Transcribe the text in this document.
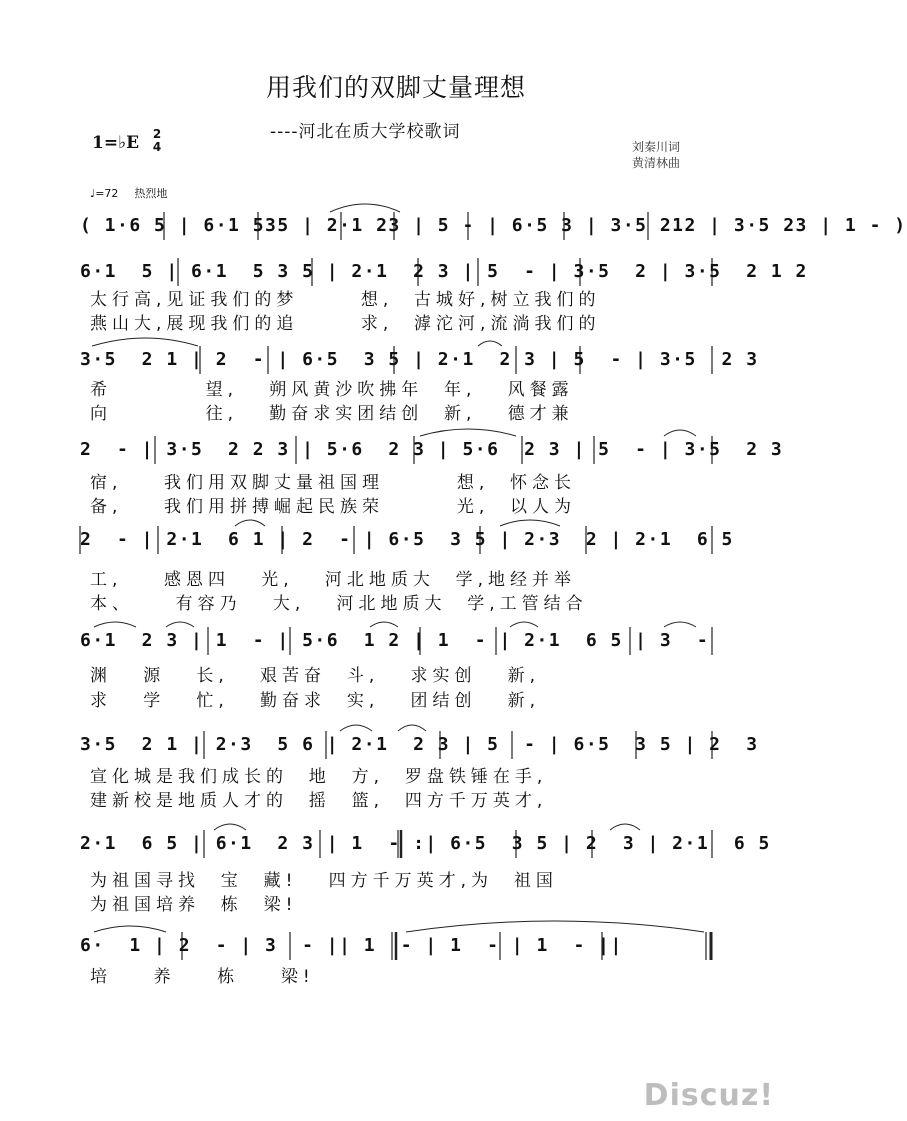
用我们的双脚丈量理想
----河北在质大学校歌词
1=♭E 2
4	刘秦川词
黄清林曲
♩=72 热烈地
( 1·6 5 | 6·1 535 | 2·1 23 | 5 - | 6·5 3 | 3·5 212 | 3·5 23 | 1 - )
6·1  5 | 6·1  5 3 5 | 2·1  2 3 | 5  - | 3·5  2 | 3·5  2 1 2
太行高,见证我们的梦      想,  古城好,树立我们的
燕山大,展现我们的追      求,  滹沱河,流淌我们的
3·5  2 1 | 2  - | 6·5  3 5 | 2·1  2 3 | 5  - | 3·5  2 3
希         望,   朔风黄沙吹拂年  年,   风餐露
向         往,   勤奋求实团结创  新,   德才兼
2  - | 3·5  2 2 3 | 5·6  2 3 | 5·6  2 3 | 5  - | 3·5  2 3
宿,    我们用双脚丈量祖国理       想,  怀念长
备,    我们用拼搏崛起民族荣       光,  以人为
2  - | 2·1  6 1 | 2  - | 6·5  3 5 | 2·3  2 | 2·1  6 5
工,    感恩四   光,   河北地质大  学,地经并举
本、    有容乃   大,   河北地质大  学,工管结合
6·1  2 3 | 1  - | 5·6  1 2 | 1  - | 2·1  6 5 | 3  -
渊   源   长,   艰苦奋  斗,   求实创   新,
求   学   忙,   勤奋求  实,   团结创   新,
3·5  2 1 | 2·3  5 6 | 2·1  2 3 | 5  - | 6·5  3 5 | 2  3
宣化城是我们成长的  地  方,  罗盘铁锤在手,
建新校是地质人才的  摇  篮,  四方千万英才,
2·1  6 5 | 6·1  2 3 | 1  - :| 6·5  3 5 | 2  3 | 2·1  6 5
为祖国寻找  宝  藏!   四方千万英才,为  祖国
为祖国培养  栋  梁!
6·  1 | 2  - | 3  - || 1  - | 1  - | 1  - ||
培    养    栋    梁!
Discuz!
